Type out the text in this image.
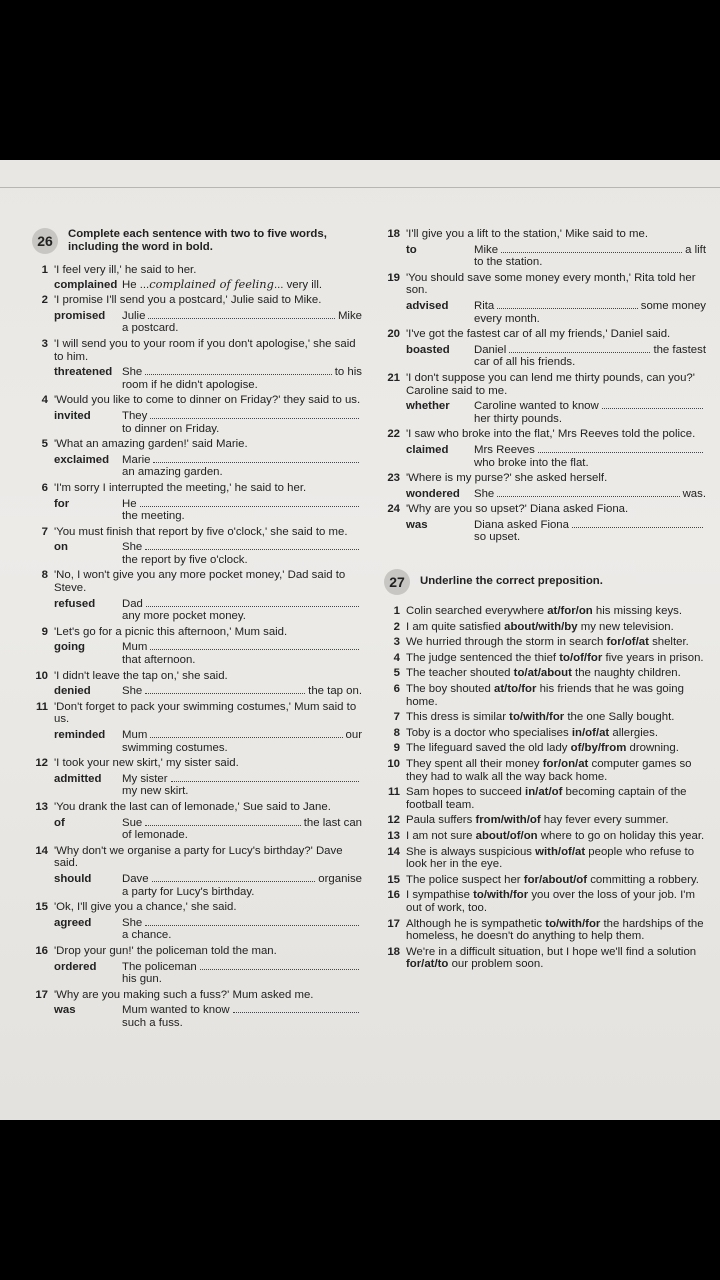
26	Complete each sentence with two to five words, including the word in bold.
1 'I feel very ill,' he said to her.
complained He ... complained of feeling ... very ill.
2 'I promise I'll send you a postcard,' Julie said to Mike.
promised	Julie	Mike
a postcard.
3 'I will send you to your room if you don't apologise,' she said to him.
threatened She	to his
room if he didn't apologise.
4 'Would you like to come to dinner on Friday?' they said to us.
invited	They
to dinner on Friday.
5 'What an amazing garden!' said Marie.
exclaimed	Marie
an amazing garden.
6 'I'm sorry I interrupted the meeting,' he said to her.
for	He
the meeting.
7 'You must finish that report by five o'clock,' she said to me.
on	She
the report by five o'clock.
8 'No, I won't give you any more pocket money,' Dad said to Steve.
refused	Dad
any more pocket money.
9 'Let's go for a picnic this afternoon,' Mum said.
going	Mum
that afternoon.
10 'I didn't leave the tap on,' she said.
denied	She	the tap on.
11 'Don't forget to pack your swimming costumes,' Mum said to us.
reminded	Mum	our
swimming costumes.
12 'I took your new skirt,' my sister said.
admitted	My sister
my new skirt.
13 'You drank the last can of lemonade,' Sue said to Jane.
of	Sue	the last can
of lemonade.
14 'Why don't we organise a party for Lucy's birthday?' Dave said.
should	Dave	organise
a party for Lucy's birthday.
15 'Ok, I'll give you a chance,' she said.
agreed	She
a chance.
16 'Drop your gun!' the policeman told the man.
ordered	The policeman
his gun.
17 'Why are you making such a fuss?' Mum asked me.
was	Mum wanted to know
such a fuss.
18 'I'll give you a lift to the station,' Mike said to me.
to	Mike	a lift
to the station.
19 'You should save some money every month,' Rita told her son.
advised	Rita	some money
every month.
20 'I've got the fastest car of all my friends,' Daniel said.
boasted	Daniel	the fastest
car of all his friends.
21 'I don't suppose you can lend me thirty pounds, can you?' Caroline said to me.
whether	Caroline wanted to know
her thirty pounds.
22 'I saw who broke into the flat,' Mrs Reeves told the police.
claimed	Mrs Reeves
who broke into the flat.
23 'Where is my purse?' she asked herself.
wondered	She	was.
24 'Why are you so upset?' Diana asked Fiona.
was	Diana asked Fiona
so upset.
27	Underline the correct preposition.
1 Colin searched everywhere at/for/on his missing keys.
2 I am quite satisfied about/with/by my new television.
3 We hurried through the storm in search for/of/at shelter.
4 The judge sentenced the thief to/of/for five years in prison.
5 The teacher shouted to/at/about the naughty children.
6 The boy shouted at/to/for his friends that he was going home.
7 This dress is similar to/with/for the one Sally bought.
8 Toby is a doctor who specialises in/of/at allergies.
9 The lifeguard saved the old lady of/by/from drowning.
10 They spent all their money for/on/at computer games so they had to walk all the way back home.
11 Sam hopes to succeed in/at/of becoming captain of the football team.
12 Paula suffers from/with/of hay fever every summer.
13 I am not sure about/of/on where to go on holiday this year.
14 She is always suspicious with/of/at people who refuse to look her in the eye.
15 The police suspect her for/about/of committing a robbery.
16 I sympathise to/with/for you over the loss of your job. I'm out of work, too.
17 Although he is sympathetic to/with/for the hardships of the homeless, he doesn't do anything to help them.
18 We're in a difficult situation, but I hope we'll find a solution for/at/to our problem soon.
